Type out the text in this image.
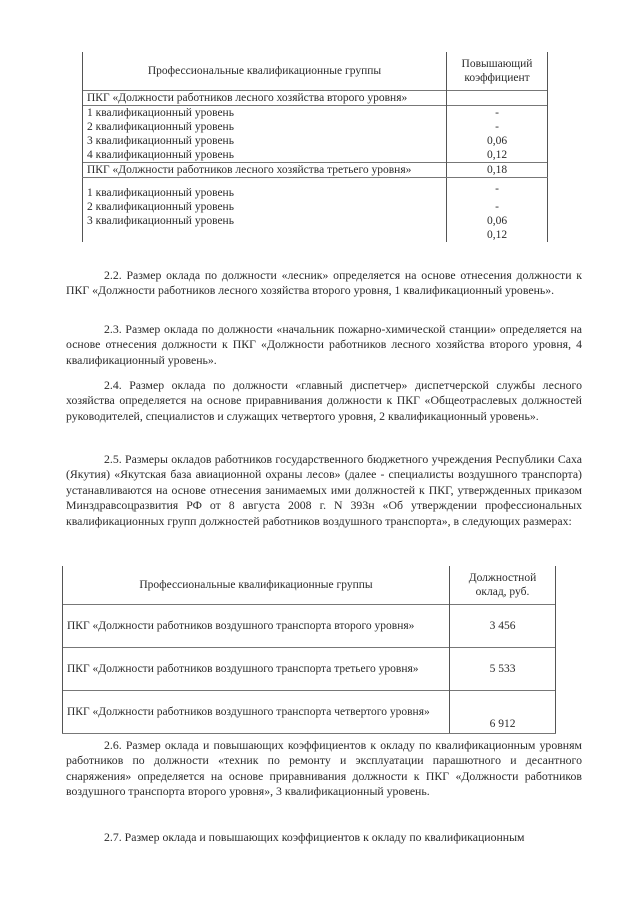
Профессиональные квалификационные группы	Повышающий коэффициент
ПКГ «Должности работников лесного хозяйства второго уровня»	
1 квалификационный уровень	-
2 квалификационный уровень	-
3 квалификационный уровень	0,06
4 квалификационный уровень	0,12
ПКГ «Должности работников лесного хозяйства третьего уровня»	0,18
1 квалификационный уровень	-
2 квалификационный уровень	-
3 квалификационный уровень	0,06
	0,12

2.2. Размер оклада по должности «лесник» определяется на основе отнесения должности к ПКГ «Должности работников лесного хозяйства второго уровня, 1 квалификационный уровень».

2.3. Размер оклада по должности «начальник пожарно-химической станции» определяется на основе отнесения должности к ПКГ «Должности работников лесного хозяйства второго уровня, 4 квалификационный уровень».

2.4. Размер оклада по должности «главный диспетчер» диспетчерской службы лесного хозяйства определяется на основе приравнивания должности к ПКГ «Общеотраслевых должностей руководителей, специалистов и служащих четвертого уровня, 2 квалификационный уровень».

2.5. Размеры окладов работников государственного бюджетного учреждения Республики Саха (Якутия) «Якутская база авиационной охраны лесов» (далее - специалисты воздушного транспорта) устанавливаются на основе отнесения занимаемых ими должностей к ПКГ, утвержденных приказом Минздравсоцразвития РФ от 8 августа 2008 г. N 393н «Об утверждении профессиональных квалификационных групп должностей работников воздушного транспорта», в следующих размерах:

Профессиональные квалификационные группы	Должностной оклад, руб.
ПКГ «Должности работников воздушного транспорта второго уровня»	3 456
ПКГ «Должности работников воздушного транспорта третьего уровня»	5 533
ПКГ «Должности работников воздушного транспорта четвертого уровня»	6 912

2.6. Размер оклада и повышающих коэффициентов к окладу по квалификационным уровням работников по должности «техник по ремонту и эксплуатации парашютного и десантного снаряжения» определяется на основе приравнивания должности к ПКГ «Должности работников воздушного транспорта второго уровня», 3 квалификационный уровень.

2.7. Размер оклада и повышающих коэффициентов к окладу по квалификационным
